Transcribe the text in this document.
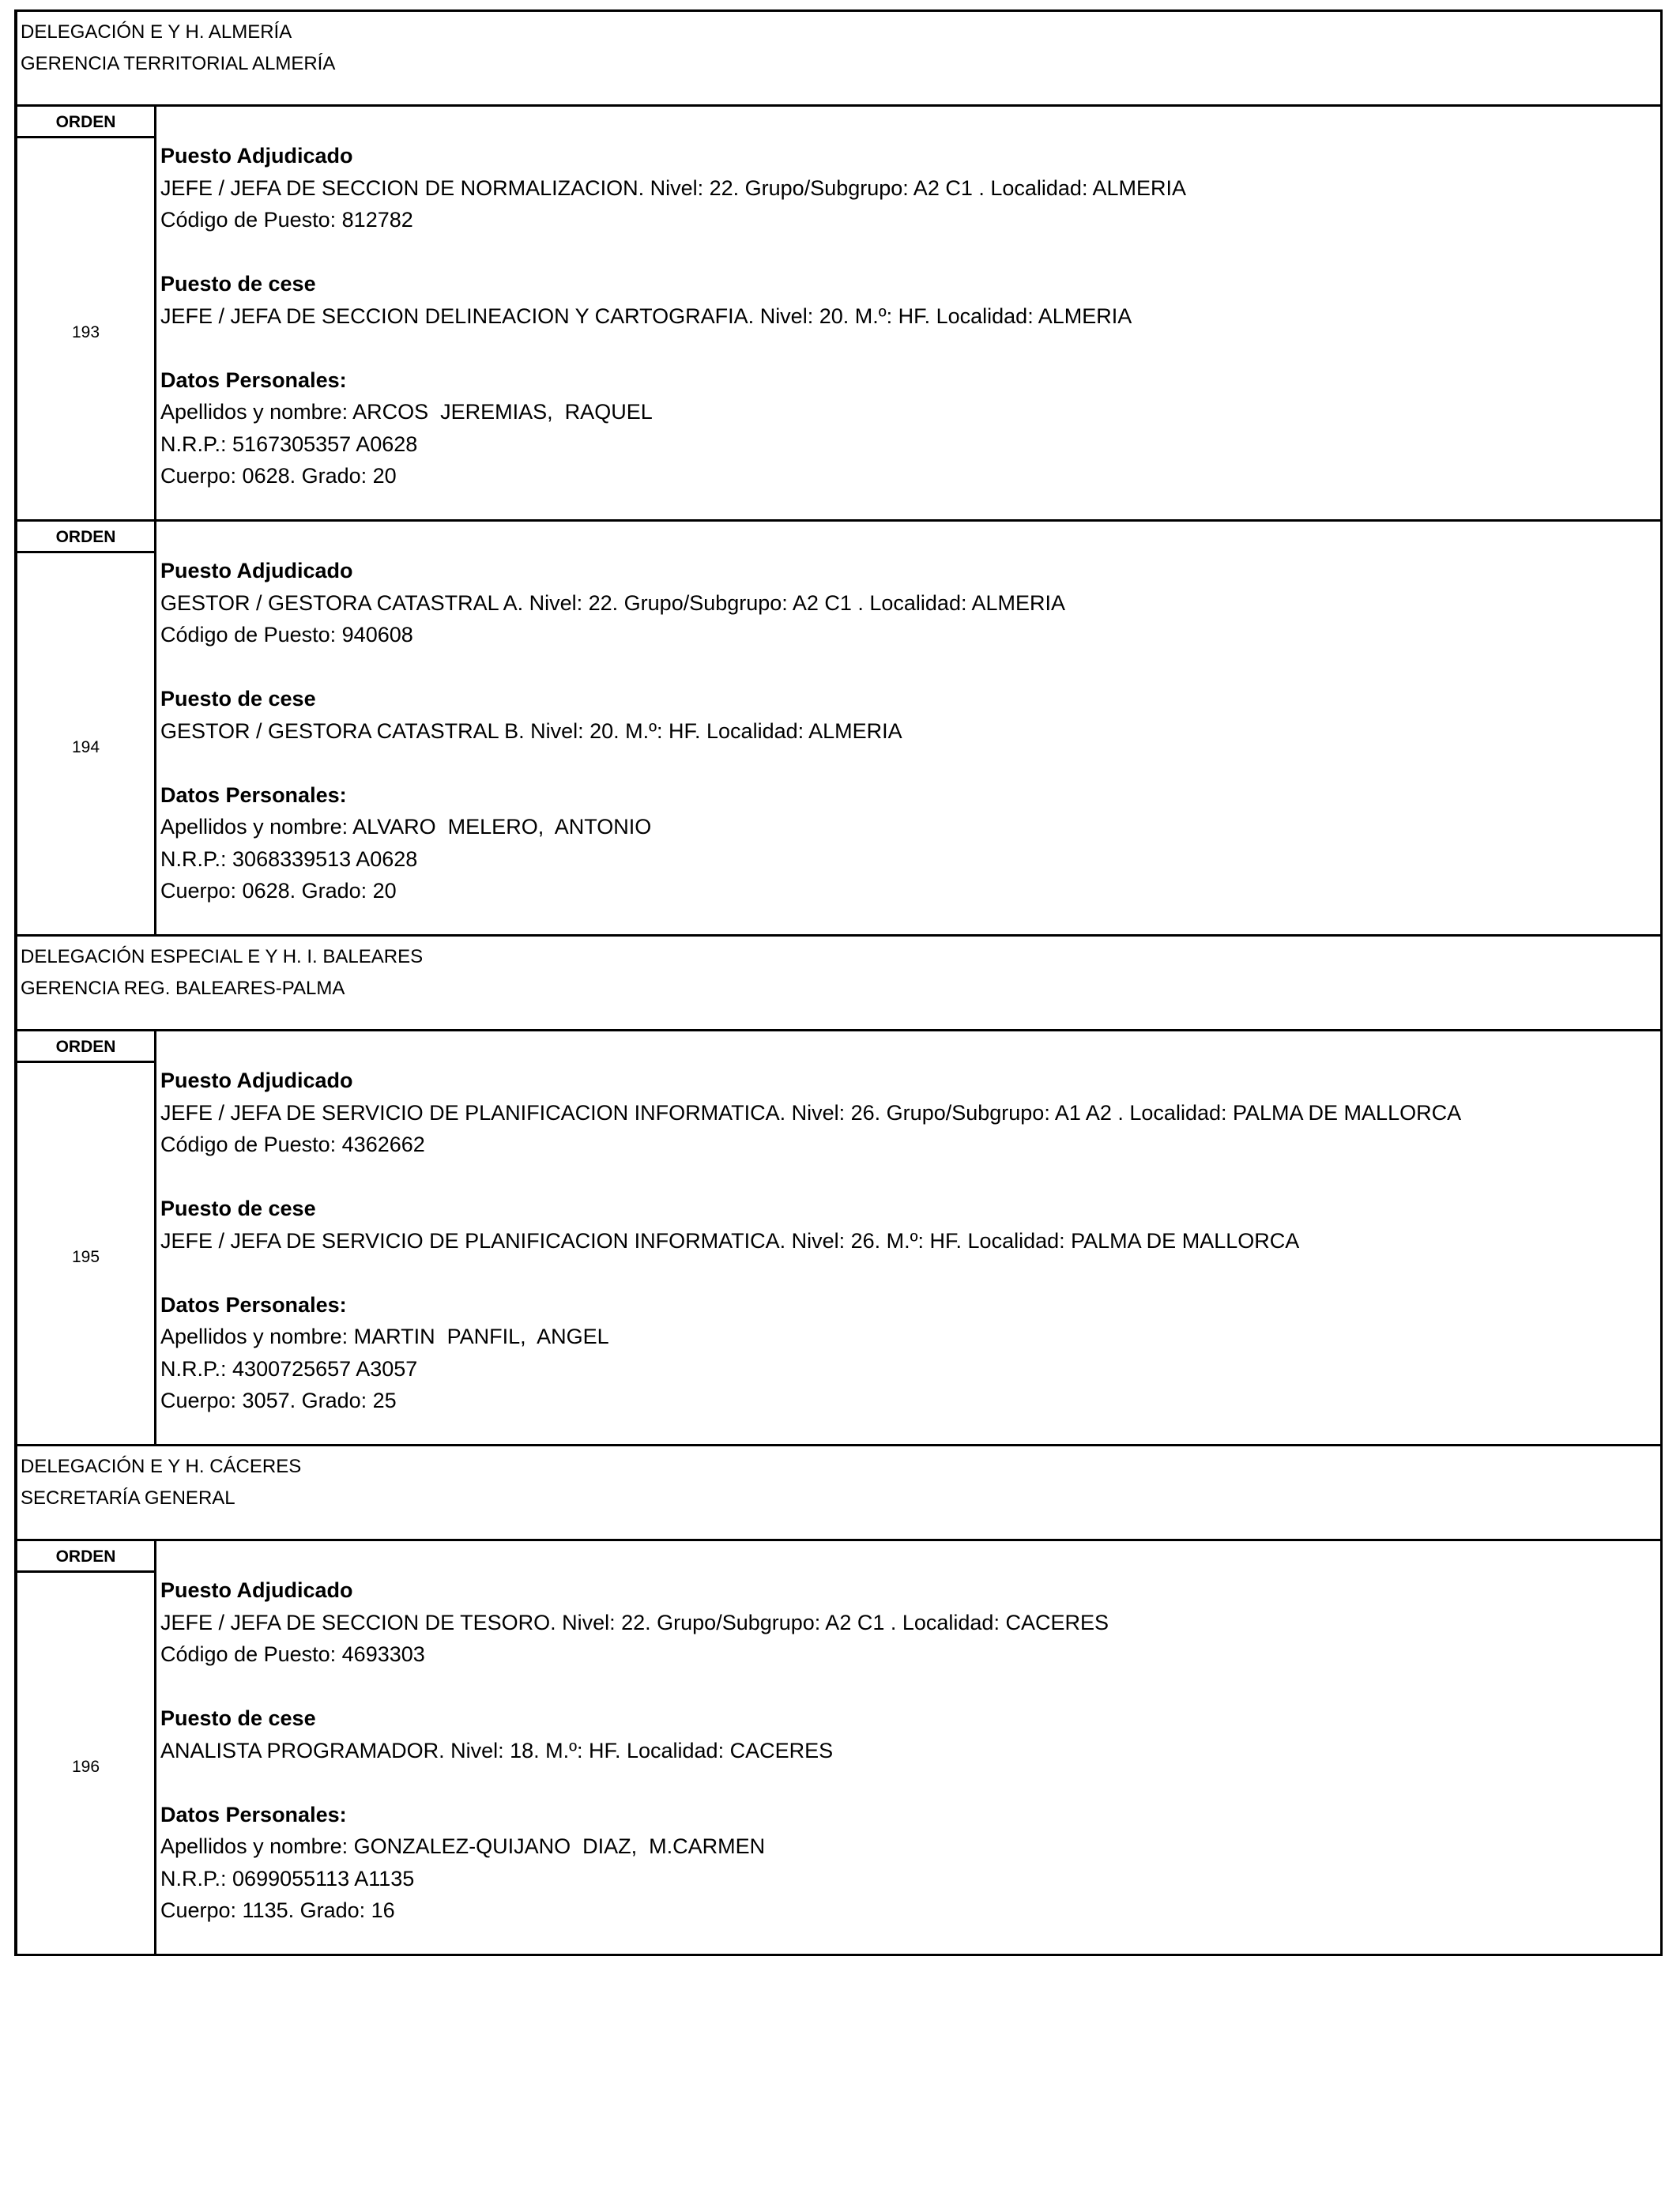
DELEGACIÓN E Y H. ALMERÍA
GERENCIA TERRITORIAL ALMERÍA
ORDEN
193
Puesto Adjudicado
JEFE / JEFA DE SECCION DE NORMALIZACION. Nivel: 22. Grupo/Subgrupo: A2 C1 . Localidad: ALMERIA
Código de Puesto: 812782
Puesto de cese
JEFE / JEFA DE SECCION DELINEACION Y CARTOGRAFIA. Nivel: 20. M.º: HF. Localidad: ALMERIA
Datos Personales:
Apellidos y nombre: ARCOS  JEREMIAS,  RAQUEL
N.R.P.: 5167305357 A0628
Cuerpo: 0628. Grado: 20
ORDEN
194
Puesto Adjudicado
GESTOR / GESTORA CATASTRAL A. Nivel: 22. Grupo/Subgrupo: A2 C1 . Localidad: ALMERIA
Código de Puesto: 940608
Puesto de cese
GESTOR / GESTORA CATASTRAL B. Nivel: 20. M.º: HF. Localidad: ALMERIA
Datos Personales:
Apellidos y nombre: ALVARO  MELERO,  ANTONIO
N.R.P.: 3068339513 A0628
Cuerpo: 0628. Grado: 20
DELEGACIÓN ESPECIAL E Y H. I. BALEARES
GERENCIA REG. BALEARES-PALMA
ORDEN
195
Puesto Adjudicado
JEFE / JEFA DE SERVICIO DE PLANIFICACION INFORMATICA. Nivel: 26. Grupo/Subgrupo: A1 A2 . Localidad: PALMA DE MALLORCA
Código de Puesto: 4362662
Puesto de cese
JEFE / JEFA DE SERVICIO DE PLANIFICACION INFORMATICA. Nivel: 26. M.º: HF. Localidad: PALMA DE MALLORCA
Datos Personales:
Apellidos y nombre: MARTIN  PANFIL,  ANGEL
N.R.P.: 4300725657 A3057
Cuerpo: 3057. Grado: 25
DELEGACIÓN E Y H. CÁCERES
SECRETARÍA GENERAL
ORDEN
196
Puesto Adjudicado
JEFE / JEFA DE SECCION DE TESORO. Nivel: 22. Grupo/Subgrupo: A2 C1 . Localidad: CACERES
Código de Puesto: 4693303
Puesto de cese
ANALISTA PROGRAMADOR. Nivel: 18. M.º: HF. Localidad: CACERES
Datos Personales:
Apellidos y nombre: GONZALEZ-QUIJANO  DIAZ,  M.CARMEN
N.R.P.: 0699055113 A1135
Cuerpo: 1135. Grado: 16
